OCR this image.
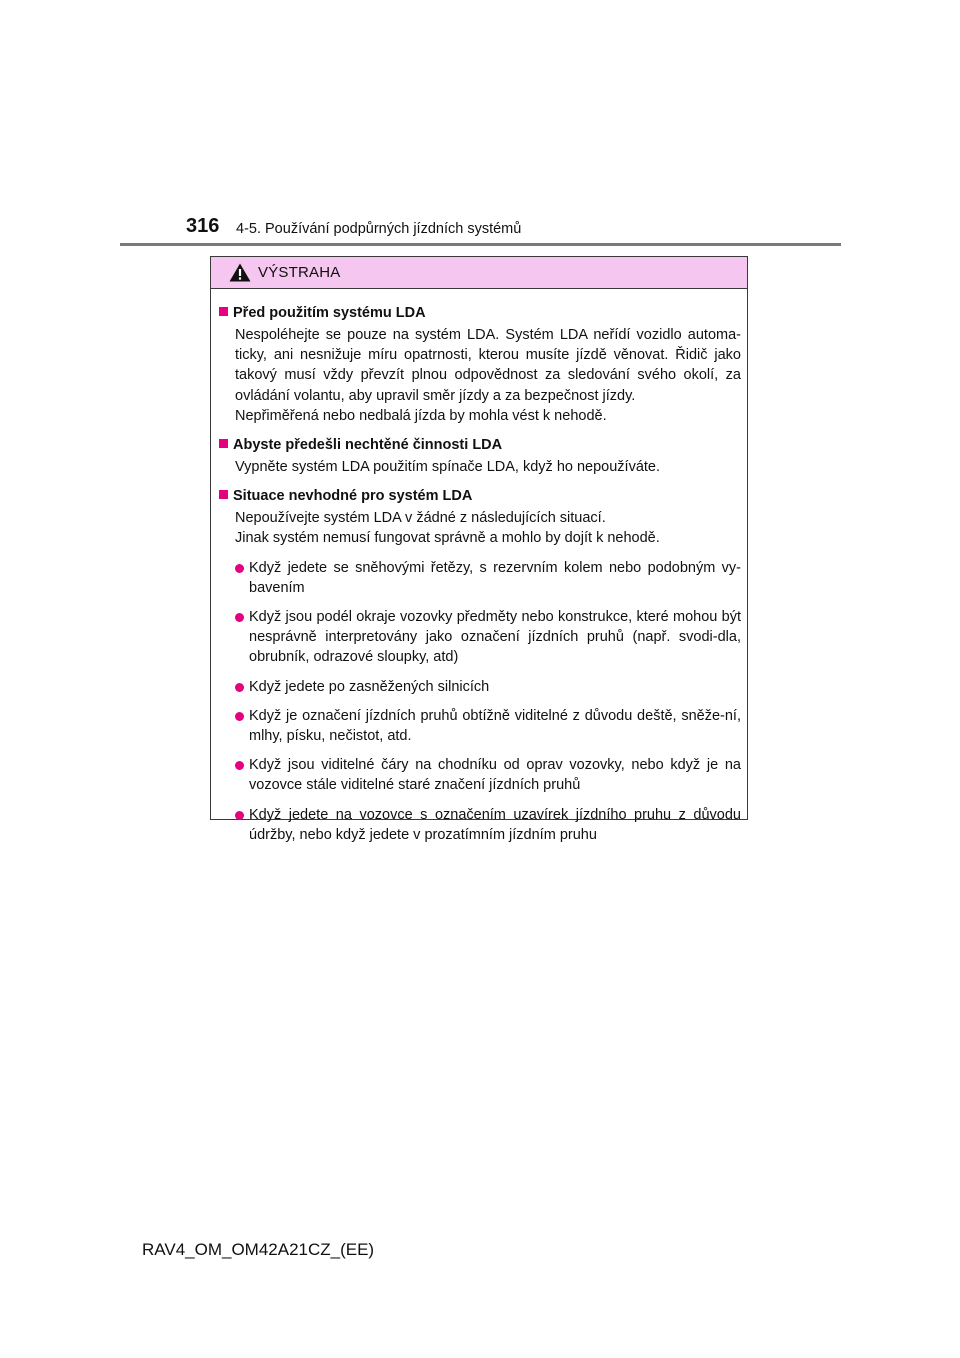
316 4-5. Používání podpůrných jízdních systémů
VÝSTRAHA
Před použitím systému LDA
Nespoléhejte se pouze na systém LDA. Systém LDA neřídí vozidlo automa-ticky, ani nesnižuje míru opatrnosti, kterou musíte jízdě věnovat. Řidič jako takový musí vždy převzít plnou odpovědnost za sledování svého okolí, za ovládání volantu, aby upravil směr jízdy a za bezpečnost jízdy.
Nepřiměřená nebo nedbalá jízda by mohla vést k nehodě.
Abyste předešli nechtěné činnosti LDA
Vypněte systém LDA použitím spínače LDA, když ho nepoužíváte.
Situace nevhodné pro systém LDA
Nepoužívejte systém LDA v žádné z následujících situací.
Jinak systém nemusí fungovat správně a mohlo by dojít k nehodě.
Když jedete se sněhovými řetězy, s rezervním kolem nebo podobným vy-bavením
Když jsou podél okraje vozovky předměty nebo konstrukce, které mohou být nesprávně interpretovány jako označení jízdních pruhů (např. svodi-dla, obrubník, odrazové sloupky, atd)
Když jedete po zasněžených silnicích
Když je označení jízdních pruhů obtížně viditelné z důvodu deště, sněže-ní, mlhy, písku, nečistot, atd.
Když jsou viditelné čáry na chodníku od oprav vozovky, nebo když je na vozovce stále viditelné staré značení jízdních pruhů
Když jedete na vozovce s označením uzavírek jízdního pruhu z důvodu údržby, nebo když jedete v prozatímním jízdním pruhu
RAV4_OM_OM42A21CZ_(EE)
